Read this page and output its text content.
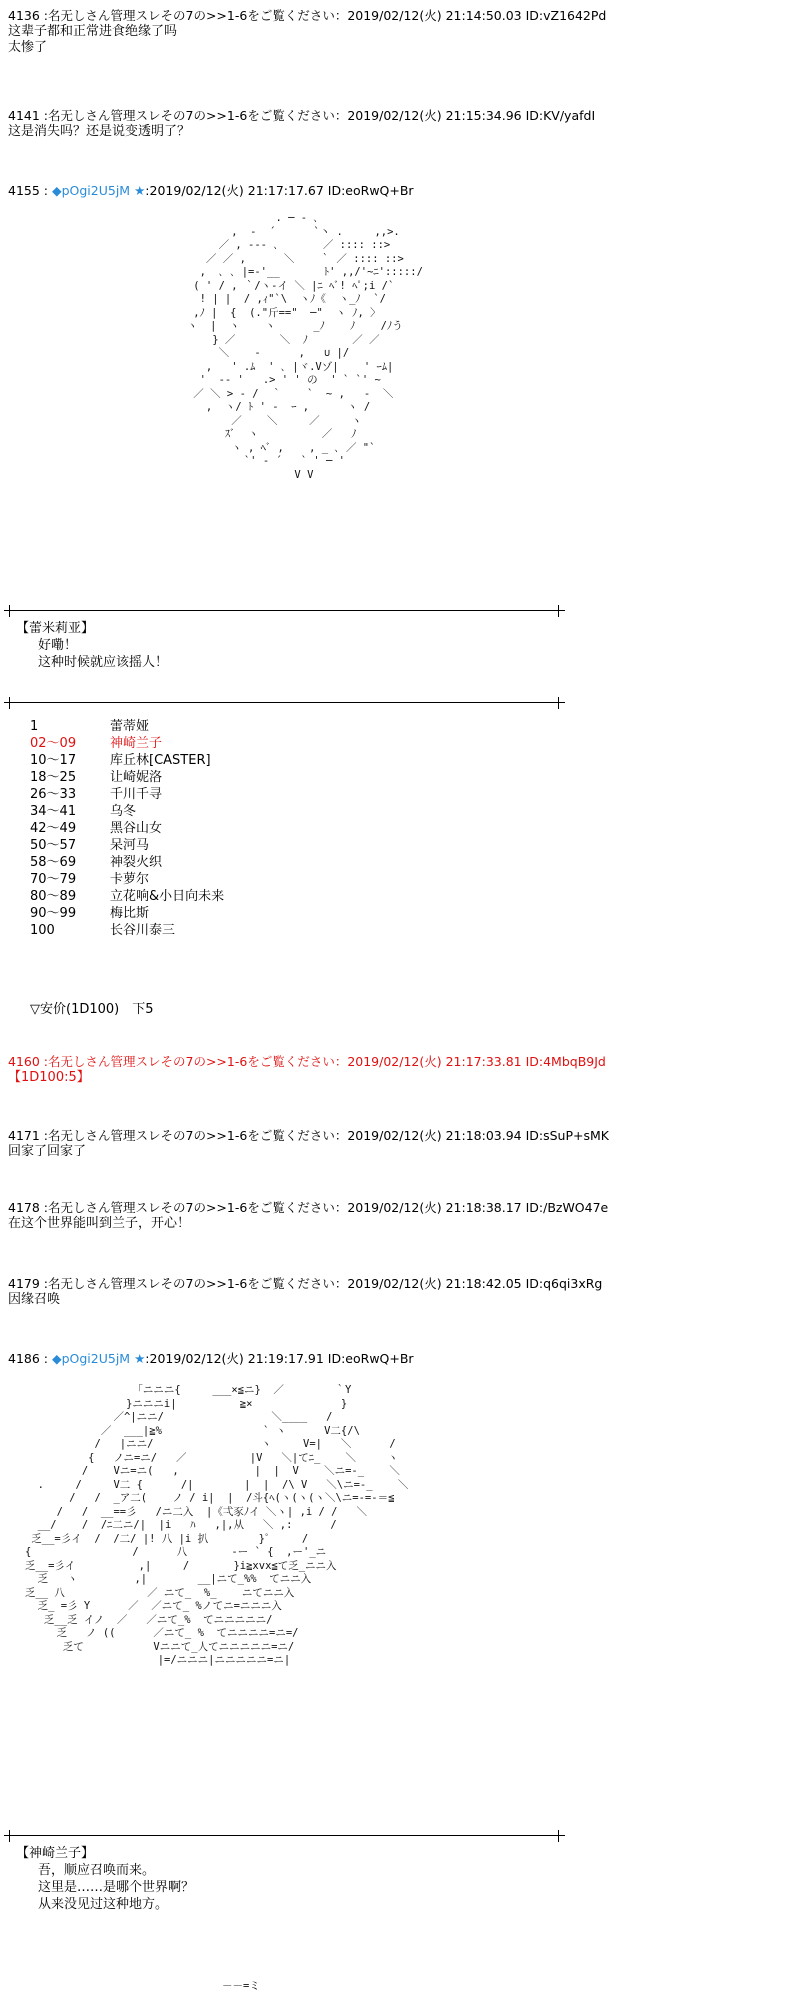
4136 :名无しさん管理スレその7の>>1-6をご覧ください：2019/02/12(火) 21:14:50.03 ID:vZ1642Pd
这辈子都和正常进食绝缘了吗
太惨了
4141 :名无しさん管理スレその7の>>1-6をご覧ください：2019/02/12(火) 21:15:34.96 ID:KV/yafdI
这是消失吗？还是说变透明了？
4155 : ◆pOgi2U5jM ★:2019/02/12(火) 21:17:17.67 ID:eoRwQ+Br
. ─ - ､
,  -  ´      `丶 .     ,,>.
／ , -‐- ､       ／ :::: ::>
／ ／ ,      ＼    ｀ ／ :::: ::>
,  ､ ､ |=-'__       ﾄ' ,,/'~ﾆ':::::/
( ' / , ｀/ヽ-イ ＼ |ﾆ ﾍﾞ! ﾍﾟ;i /`
! | |  / ,ｨ"`\  ヽﾉ《  ヽ_ﾉ  `/
,ﾉ |  {  (."斤=="  ─"  ヽ ﾉ, 〉
ヽ  |  ヽ    ヽ      _ﾉ    ﾉ    /ﾉう
} ／       ＼  ﾉ       ／ ／
＼    -      ,   ∪ |/
,   ' .ﾑ  ' ､ |ヾ.Vゾ|    ' ｰﾑ|
'  -- '   .> ' ' の  ' ` `' ~
／ ＼ > - /  ｀    `  ~ ,   -  ＼
,  ヽ/ ﾄ ' -  ｰ ,      ヽ /
／    ＼     ／     ヽ
ｽﾞ  ヽ          ／   ﾉ
ヽ , ﾍﾞ ,    , _ ､ ／ "`
`' - ´   ` ' ─ '
V V
【蕾米莉亚】
好嘞！
这种时候就应该摇人！
1	蕾蒂娅
02～09	神崎兰子
10～17	库丘林[CASTER]
18～25	让崎妮洛
26～33	千川千寻
34～41	乌冬
42～49	黑谷山女
50～57	呆河马
58～69	神裂火织
70～79	卡萝尔
80～89	立花响&小日向未来
90～99	梅比斯
100	长谷川泰三
▽安价(1D100)　下5
4160 :名无しさん管理スレその7の>>1-6をご覧ください：2019/02/12(火) 21:17:33.81 ID:4MbqB9Jd
【1D100:5】
4171 :名无しさん管理スレその7の>>1-6をご覧ください：2019/02/12(火) 21:18:03.94 ID:sSuP+sMK
回家了回家了
4178 :名无しさん管理スレその7の>>1-6をご覧ください：2019/02/12(火) 21:18:38.17 ID:/BzWO47e
在这个世界能叫到兰子，开心！
4179 :名无しさん管理スレその7の>>1-6をご覧ください：2019/02/12(火) 21:18:42.05 ID:q6qi3xRg
因缘召唤
4186 : ◆pOgi2U5jM ★:2019/02/12(火) 21:19:17.91 ID:eoRwQ+Br
「ニニニ{     ___×≦ニ}  ／        ｀Y
}ニニニi|          ≧×              }
／^|ニニ/                 ＼____   /
／  ___|≧%                ` ヽ      V二{/\
/   |ニニ/                 ヽ     V=|   ＼      /
{   ノニ=ニ/   ／          |V   ＼|てﾆ_    ＼     ヽ
/    Vニ=ニ(   ,            |  |  V    ＼ニ=-_    ＼
.     /     V二 {      /|        |  |  /\ V   ＼\ニ=-_    ＼
/   /  _ア二(    ノ / i|  |  /斗{ﾍ(ヽ(ヽ(ヽ＼\ニ=-=-＝≦
/   /  __==彡   /ニ二入  |《弌豕ﾉイ ＼ヽ| ,i / /   ＼
__/    /  /ﾆ二ニ/|  |i   ﾊ   ,|,从   ＼ ,:      /
乏__=彡イ  /  /二/ |! 八 |i 扒        }ﾟ     /
{                /      八       -ー ` {  ,ー'_ニ
乏__=彡イ          ,|     /       }i≧xvx≦て乏_ニニ入
乏   ヽ         ,|        __|ニて_%%  てニニ入
乏__ 八             ／ ニて_  %_    ニてニニ入
乏_ =彡 Y      ／  ／ニて_ %ノてニ=ニニニ入
乏__乏 イノ  ／   ／ニて_%  てニニニニニ/
乏   ノ ((      ／ニて_ %  てニニニニ=ニ=/
乏て           Vニニて_人てニニニニニ=ニ/
|=/ニニニ|ニニニニニ=ニ|
【神崎兰子】
吾，顺应召唤而来。
这里是……是哪个世界啊？
从来没见过这种地方。
－－=ミ
